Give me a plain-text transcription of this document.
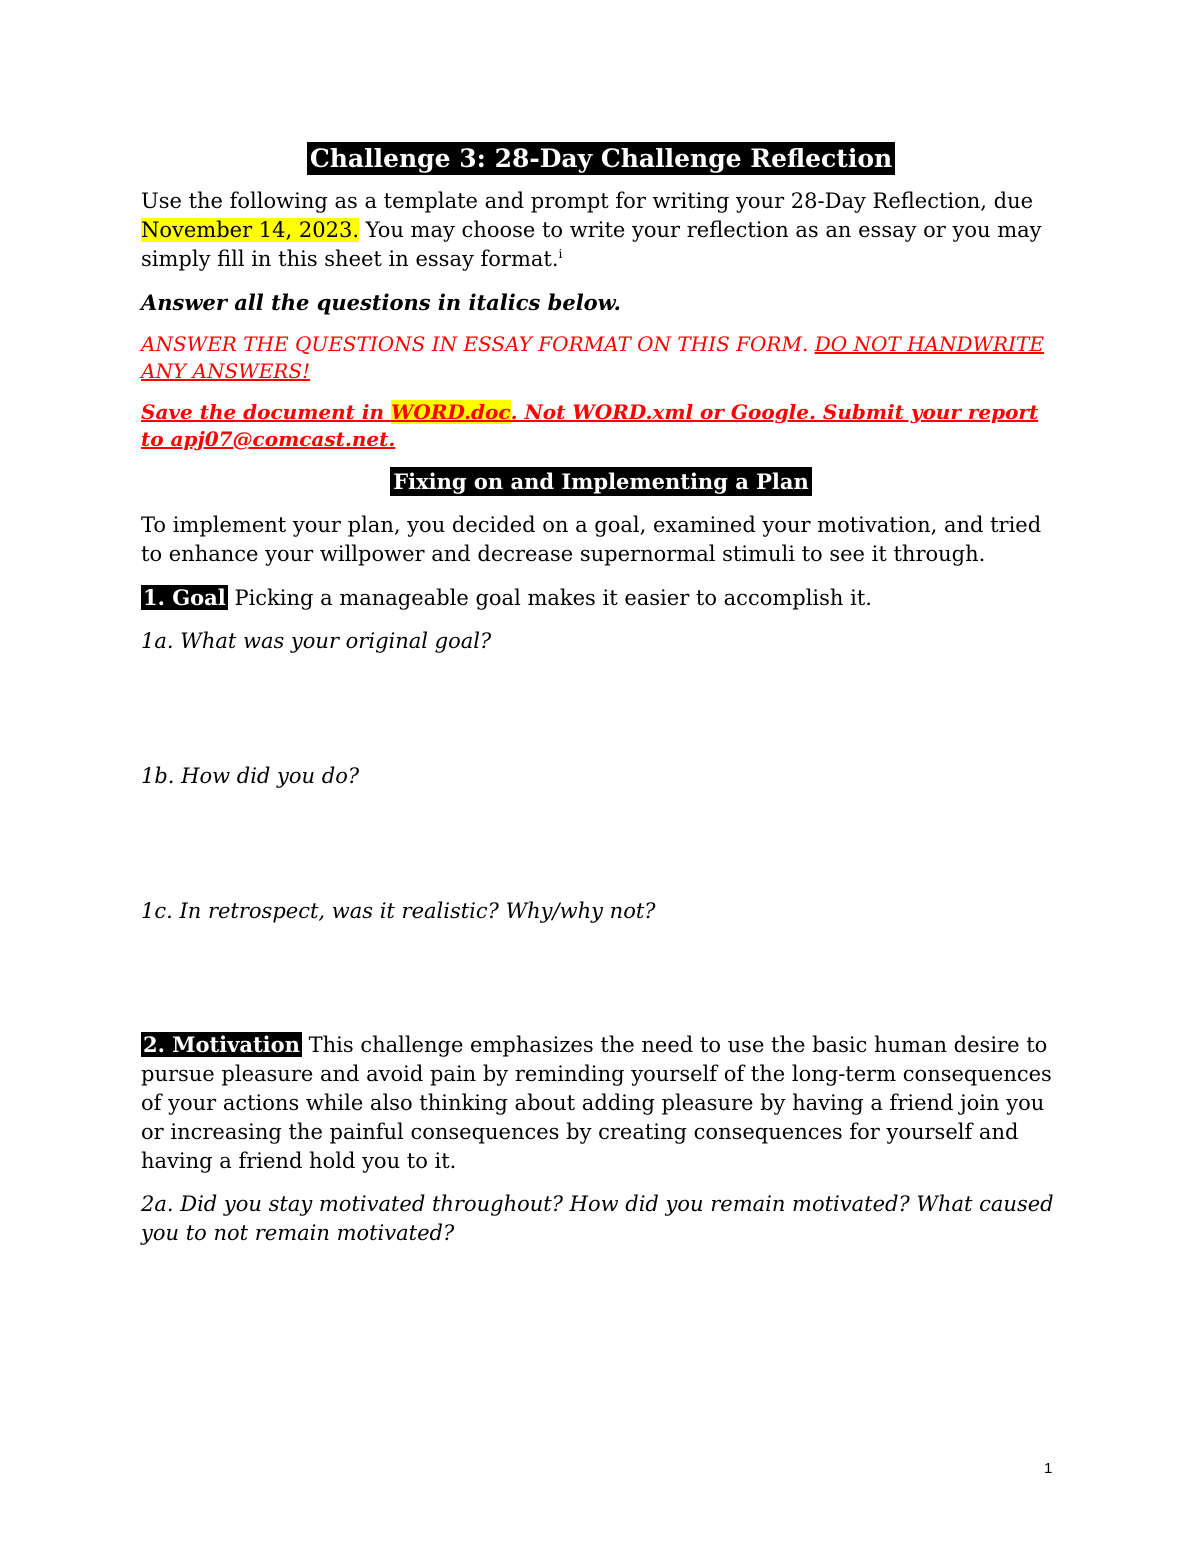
Challenge 3: 28-Day Challenge Reflection

Use the following as a template and prompt for writing your 28-Day Reflection, due November 14, 2023. You may choose to write your reflection as an essay or you may simply fill in this sheet in essay format.$^i$

Answer all the questions in italics below.

ANSWER THE QUESTIONS IN ESSAY FORMAT ON THIS FORM. DO NOT HANDWRITE ANY ANSWERS!

Save the document in WORD.doc. Not WORD.xml or Google. Submit your report to apj07@comcast.net.

Fixing on and Implementing a Plan

To implement your plan, you decided on a goal, examined your motivation, and tried to enhance your willpower and decrease supernormal stimuli to see it through.

1. Goal Picking a manageable goal makes it easier to accomplish it.

1a. What was your original goal?

1b. How did you do?

1c. In retrospect, was it realistic? Why/why not?

2. Motivation This challenge emphasizes the need to use the basic human desire to pursue pleasure and avoid pain by reminding yourself of the long-term consequences of your actions while also thinking about adding pleasure by having a friend join you or increasing the painful consequences by creating consequences for yourself and having a friend hold you to it.

2a. Did you stay motivated throughout? How did you remain motivated? What caused you to not remain motivated?

1
